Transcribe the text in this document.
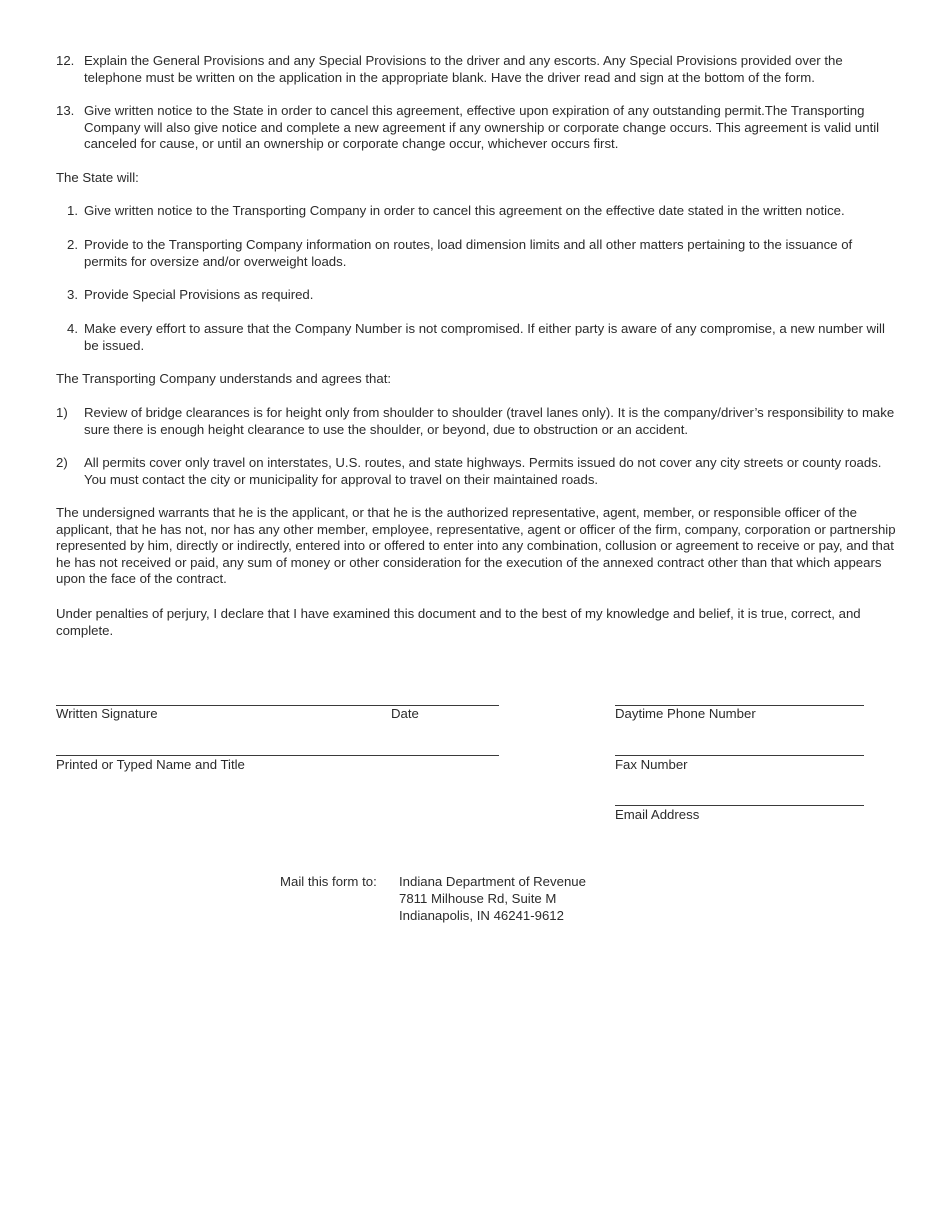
12. Explain the General Provisions and any Special Provisions to the driver and any escorts. Any Special Provisions provided over the telephone must be written on the application in the appropriate blank. Have the driver read and sign at the bottom of the form.
13. Give written notice to the State in order to cancel this agreement, effective upon expiration of any outstanding permit.The Transporting Company will also give notice and complete a new agreement if any ownership or corporate change occurs. This agreement is valid until canceled for cause, or until an ownership or corporate change occur, whichever occurs first.
The State will:
1. Give written notice to the Transporting Company in order to cancel this agreement on the effective date stated in the written notice.
2. Provide to the Transporting Company information on routes, load dimension limits and all other matters pertaining to the issuance of permits for oversize and/or overweight loads.
3. Provide Special Provisions as required.
4. Make every effort to assure that the Company Number is not compromised. If either party is aware of any compromise, a new number will be issued.
The Transporting Company understands and agrees that:
1) Review of bridge clearances is for height only from shoulder to shoulder (travel lanes only). It is the company/driver’s responsibility to make sure there is enough height clearance to use the shoulder, or beyond, due to obstruction or an accident.
2) All permits cover only travel on interstates, U.S. routes, and state highways. Permits issued do not cover any city streets or county roads. You must contact the city or municipality for approval to travel on their maintained roads.
The undersigned warrants that he is the applicant, or that he is the authorized representative, agent, member, or responsible officer of the applicant, that he has not, nor has any other member, employee, representative, agent or officer of the firm, company, corporation or partnership represented by him, directly or indirectly, entered into or offered to enter into any combination, collusion or agreement to receive or pay, and that he has not received or paid, any sum of money or other consideration for the execution of the annexed contract other than that which appears upon the face of the contract.
Under penalties of perjury, I declare that I have examined this document and to the best of my knowledge and belief, it is true, correct, and complete.
Written Signature	Date	Daytime Phone Number
Printed or Typed Name and Title	Fax Number
Email Address
Mail this form to: Indiana Department of Revenue
7811 Milhouse Rd, Suite M
Indianapolis, IN 46241-9612
